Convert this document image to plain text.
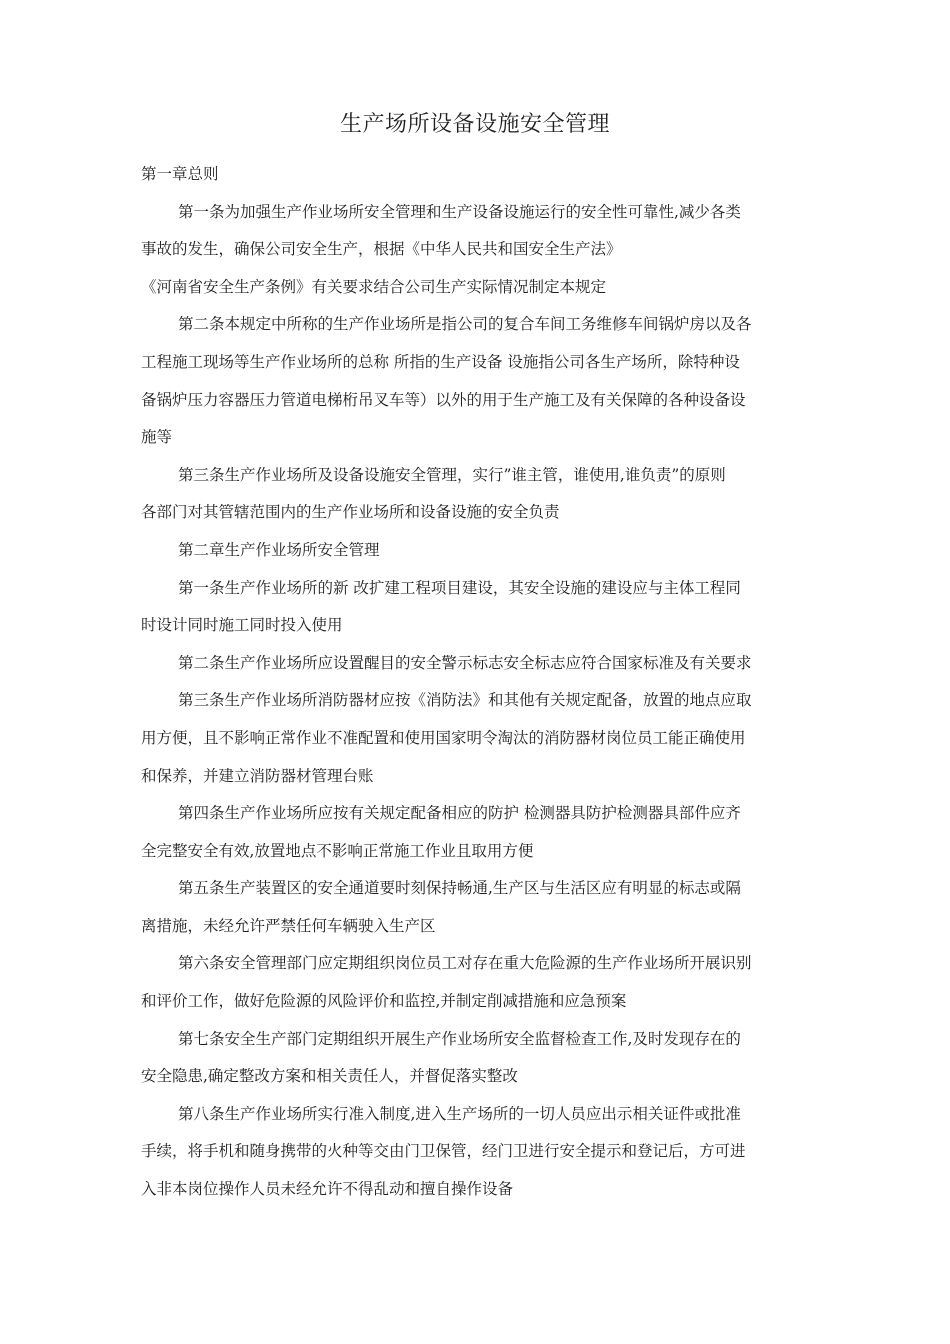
生产场所设备设施安全管理
第一章总则
第一条为加强生产作业场所安全管理和生产设备设施运行的安全性可靠性,减少各类
事故的发生，确保公司安全生产，根据《中华人民共和国安全生产法》
《河南省安全生产条例》有关要求结合公司生产实际情况制定本规定
第二条本规定中所称的生产作业场所是指公司的复合车间工务维修车间锅炉房以及各
工程施工现场等生产作业场所的总称 所指的生产设备 设施指公司各生产场所，除特种设
备锅炉压力容器压力管道电梯桁吊叉车等）以外的用于生产施工及有关保障的各种设备设
施等
第三条生产作业场所及设备设施安全管理，实行”谁主管，谁使用,谁负责”的原则
各部门对其管辖范围内的生产作业场所和设备设施的安全负责
第二章生产作业场所安全管理
第一条生产作业场所的新 改扩建工程项目建设，其安全设施的建设应与主体工程同
时设计同时施工同时投入使用
第二条生产作业场所应设置醒目的安全警示标志安全标志应符合国家标准及有关要求
第三条生产作业场所消防器材应按《消防法》和其他有关规定配备，放置的地点应取
用方便，且不影响正常作业不准配置和使用国家明令淘汰的消防器材岗位员工能正确使用
和保养，并建立消防器材管理台账
第四条生产作业场所应按有关规定配备相应的防护 检测器具防护检测器具部件应齐
全完整安全有效,放置地点不影响正常施工作业且取用方便
第五条生产装置区的安全通道要时刻保持畅通,生产区与生活区应有明显的标志或隔
离措施，未经允许严禁任何车辆驶入生产区
第六条安全管理部门应定期组织岗位员工对存在重大危险源的生产作业场所开展识别
和评价工作，做好危险源的风险评价和监控,并制定削减措施和应急预案
第七条安全生产部门定期组织开展生产作业场所安全监督检查工作,及时发现存在的
安全隐患,确定整改方案和相关责任人，并督促落实整改
第八条生产作业场所实行准入制度,进入生产场所的一切人员应出示相关证件或批准
手续，将手机和随身携带的火种等交由门卫保管，经门卫进行安全提示和登记后，方可进
入非本岗位操作人员未经允许不得乱动和擅自操作设备
